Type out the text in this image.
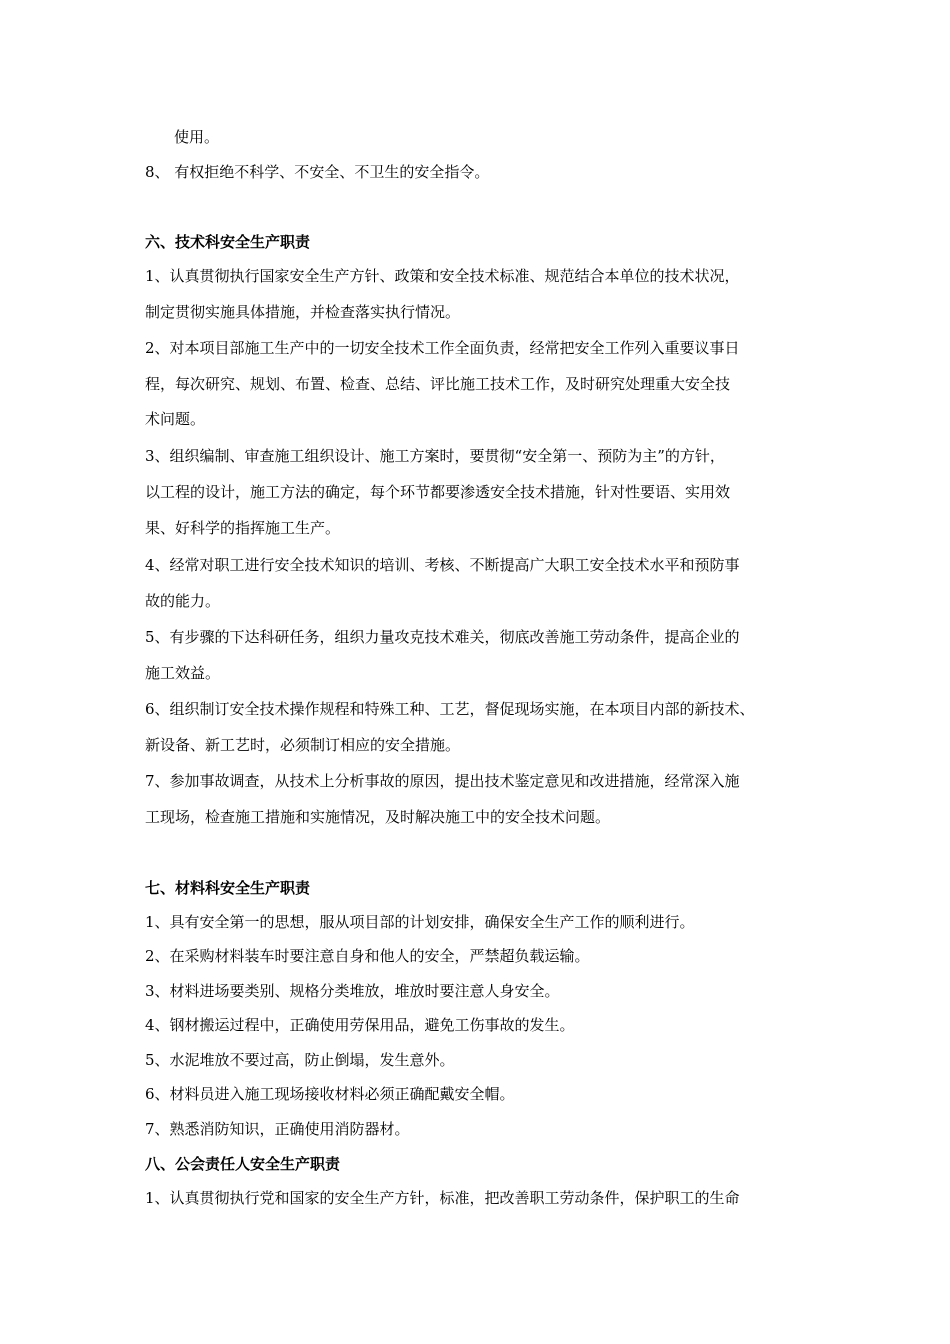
使用。
8、 有权拒绝不科学、不安全、不卫生的安全指令。
六、技术科安全生产职责
1、认真贯彻执行国家安全生产方针、政策和安全技术标准、规范结合本单位的技术状况，
制定贯彻实施具体措施，并检查落实执行情况。
2、对本项目部施工生产中的一切安全技术工作全面负责，经常把安全工作列入重要议事日
程，每次研究、规划、布置、检查、总结、评比施工技术工作，及时研究处理重大安全技
术问题。
3、组织编制、审查施工组织设计、施工方案时，要贯彻“安全第一、预防为主”的方针，
以工程的设计，施工方法的确定，每个环节都要渗透安全技术措施，针对性要语、实用效
果、好科学的指挥施工生产。
4、经常对职工进行安全技术知识的培训、考核、不断提高广大职工安全技术水平和预防事
故的能力。
5、有步骤的下达科研任务，组织力量攻克技术难关，彻底改善施工劳动条件，提高企业的
施工效益。
6、组织制订安全技术操作规程和特殊工种、工艺，督促现场实施，在本项目内部的新技术、
新设备、新工艺时，必须制订相应的安全措施。
7、参加事故调查，从技术上分析事故的原因，提出技术鉴定意见和改进措施，经常深入施
工现场，检查施工措施和实施情况，及时解决施工中的安全技术问题。
七、材料科安全生产职责
1、具有安全第一的思想，服从项目部的计划安排，确保安全生产工作的顺利进行。
2、在采购材料装车时要注意自身和他人的安全，严禁超负载运输。
3、材料进场要类别、规格分类堆放，堆放时要注意人身安全。
4、钢材搬运过程中，正确使用劳保用品，避免工伤事故的发生。
5、水泥堆放不要过高，防止倒塌，发生意外。
6、材料员进入施工现场接收材料必须正确配戴安全帽。
7、熟悉消防知识，正确使用消防器材。
八、公会责任人安全生产职责
1、认真贯彻执行党和国家的安全生产方针，标准，把改善职工劳动条件，保护职工的生命
